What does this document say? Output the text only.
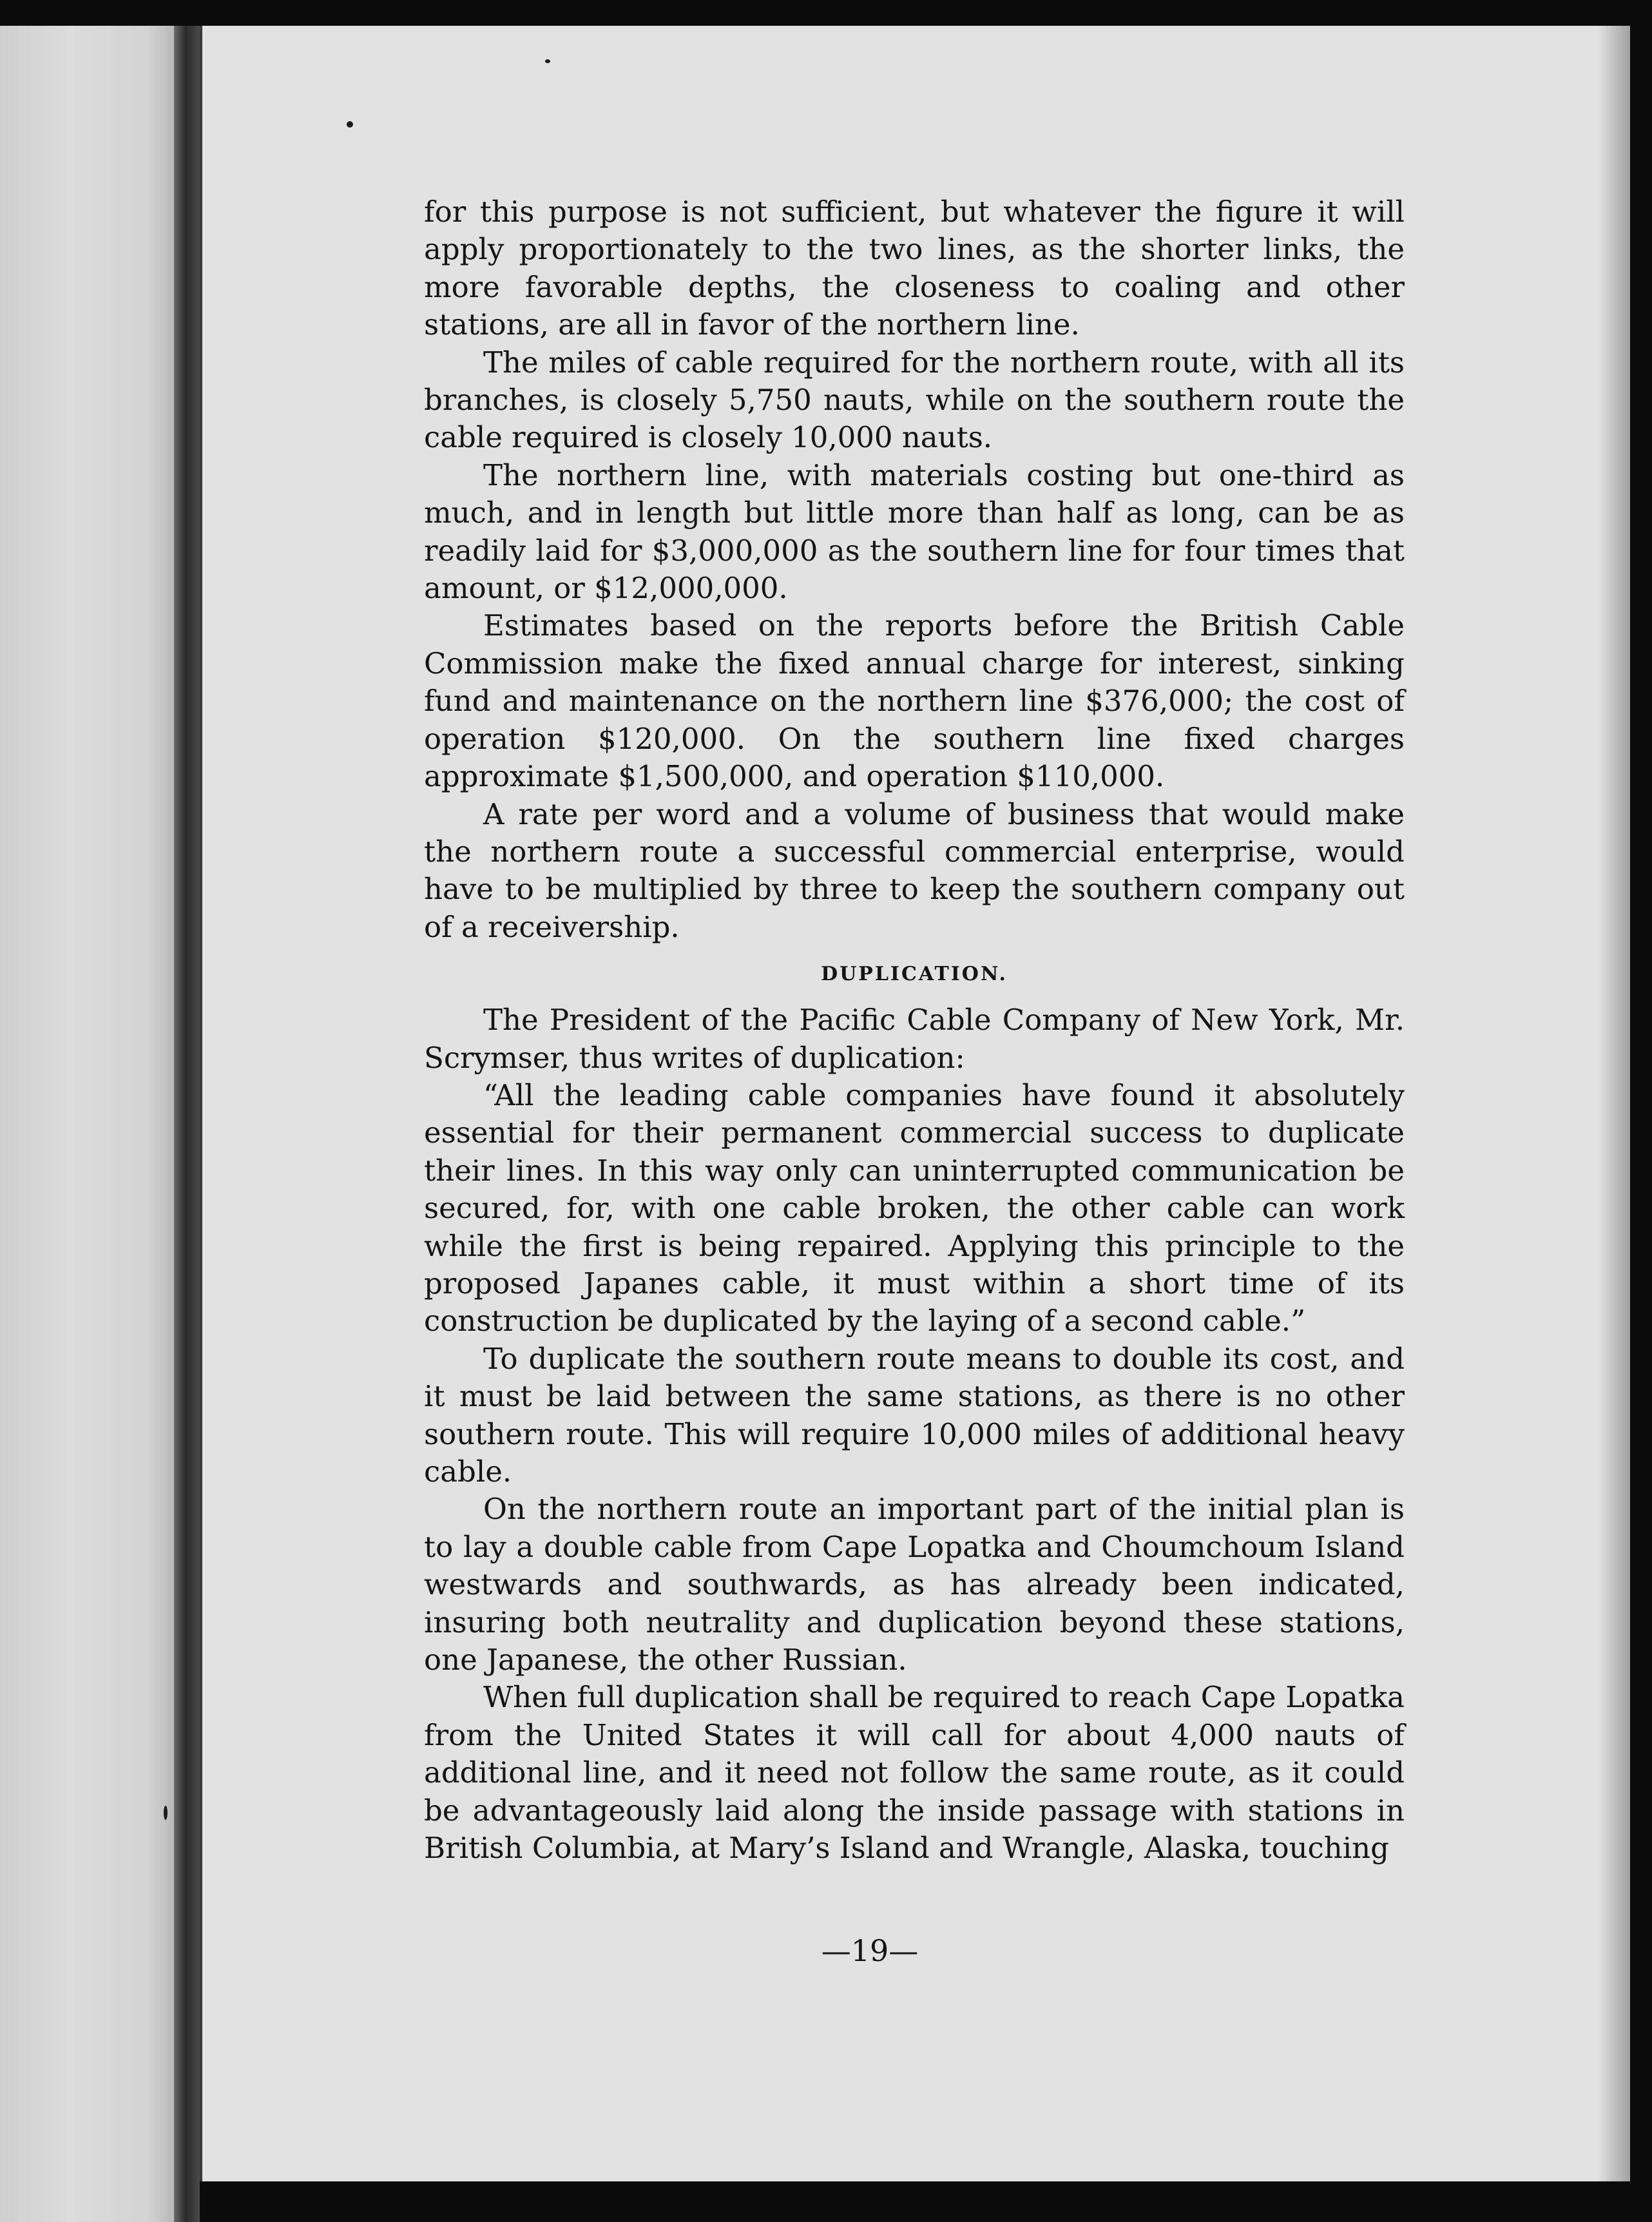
for this purpose is not sufficient, but whatever the figure it will apply proportionately to the two lines, as the shorter links, the more favorable depths, the closeness to coaling and other stations, are all in favor of the northern line.

The miles of cable required for the northern route, with all its branches, is closely 5,750 nauts, while on the southern route the cable required is closely 10,000 nauts.

The northern line, with materials costing but one-third as much, and in length but little more than half as long, can be as readily laid for $3,000,000 as the southern line for four times that amount, or $12,000,000.

Estimates based on the reports before the British Cable Commission make the fixed annual charge for interest, sinking fund and maintenance on the northern line $376,000; the cost of operation $120,000. On the southern line fixed charges approximate $1,500,000, and operation $110,000.

A rate per word and a volume of business that would make the northern route a successful commercial enterprise, would have to be multiplied by three to keep the southern company out of a receivership.

DUPLICATION.

The President of the Pacific Cable Company of New York, Mr. Scrymser, thus writes of duplication:

“All the leading cable companies have found it absolutely essential for their permanent commercial success to duplicate their lines. In this way only can uninterrupted communication be secured, for, with one cable broken, the other cable can work while the first is being repaired. Applying this principle to the proposed Japanes cable, it must within a short time of its construction be duplicated by the laying of a second cable.”

To duplicate the southern route means to double its cost, and it must be laid between the same stations, as there is no other southern route. This will require 10,000 miles of additional heavy cable.

On the northern route an important part of the initial plan is to lay a double cable from Cape Lopatka and Choumchoum Island westwards and southwards, as has already been indicated, insuring both neutrality and duplication beyond these stations, one Japanese, the other Russian.

When full duplication shall be required to reach Cape Lopatka from the United States it will call for about 4,000 nauts of additional line, and it need not follow the same route, as it could be advantageously laid along the inside passage with stations in British Columbia, at Mary’s Island and Wrangle, Alaska, touching

—19—
